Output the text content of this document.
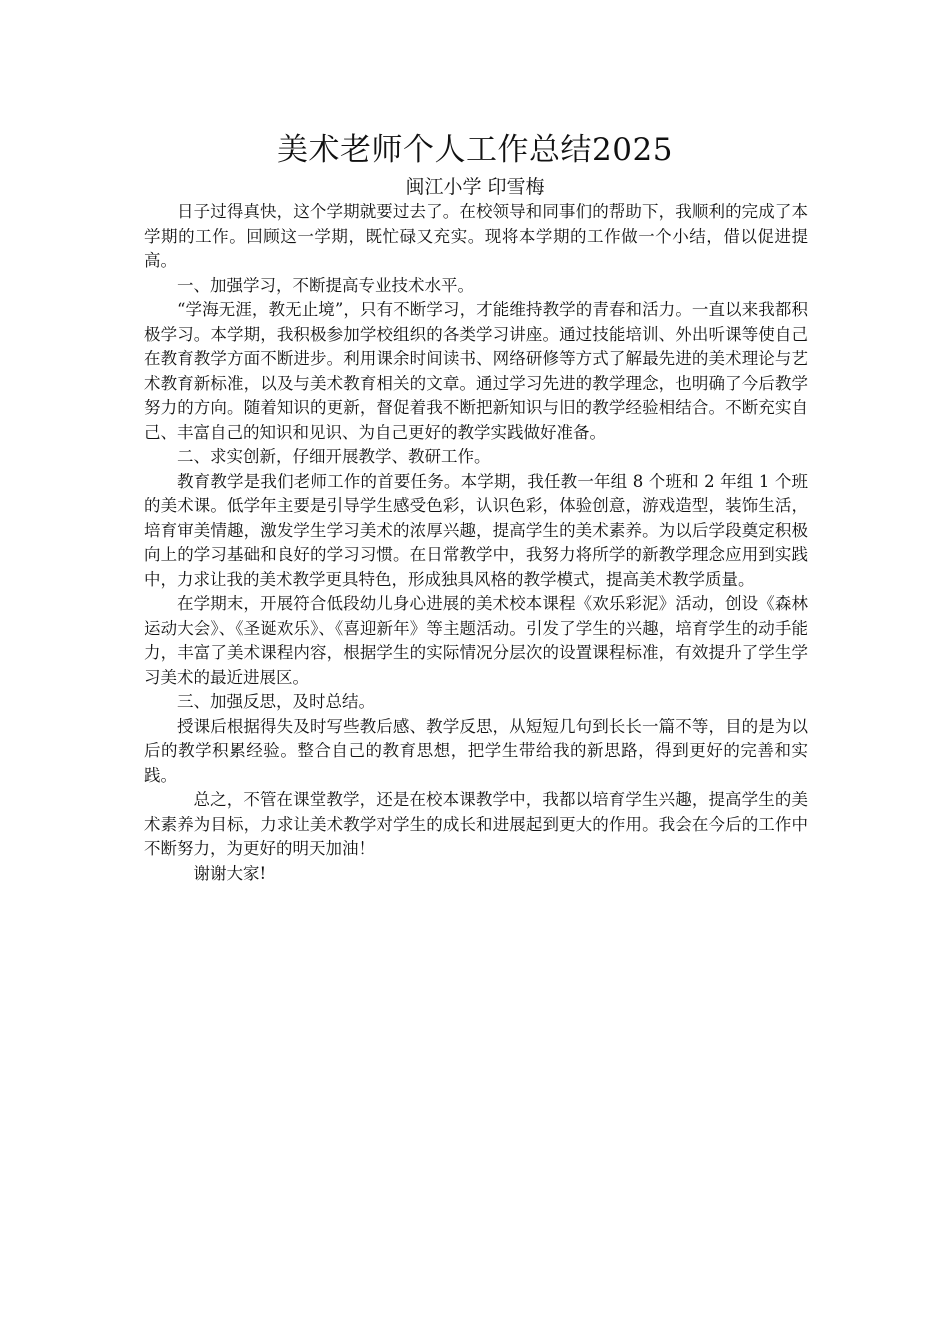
美术老师个人工作总结2025
闽江小学 印雪梅

日子过得真快，这个学期就要过去了。在校领导和同事们的帮助下，我顺利的完成了本学期的工作。回顾这一学期，既忙碌又充实。现将本学期的工作做一个小结，借以促进提高。

一、加强学习，不断提高专业技术水平。

“学海无涯，教无止境”，只有不断学习，才能维持教学的青春和活力。一直以来我都积极学习。本学期，我积极参加学校组织的各类学习讲座。通过技能培训、外出听课等使自己在教育教学方面不断进步。利用课余时间读书、网络研修等方式了解最先进的美术理论与艺术教育新标准，以及与美术教育相关的文章。通过学习先进的教学理念，也明确了今后教学努力的方向。随着知识的更新，督促着我不断把新知识与旧的教学经验相结合。不断充实自己、丰富自己的知识和见识、为自己更好的教学实践做好准备。

二、求实创新，仔细开展教学、教研工作。

教育教学是我们老师工作的首要任务。本学期，我任教一年组 8 个班和 2 年组 1 个班的美术课。低学年主要是引导学生感受色彩，认识色彩，体验创意，游戏造型，装饰生活，培育审美情趣，激发学生学习美术的浓厚兴趣，提高学生的美术素养。为以后学段奠定积极向上的学习基础和良好的学习习惯。在日常教学中，我努力将所学的新教学理念应用到实践中，力求让我的美术教学更具特色，形成独具风格的教学模式，提高美术教学质量。

在学期末，开展符合低段幼儿身心进展的美术校本课程《欢乐彩泥》活动，创设《森林运动大会》、《圣诞欢乐》、《喜迎新年》等主题活动。引发了学生的兴趣，培育学生的动手能力，丰富了美术课程内容，根据学生的实际情况分层次的设置课程标准，有效提升了学生学习美术的最近进展区。

三、加强反思，及时总结。

授课后根据得失及时写些教后感、教学反思，从短短几句到长长一篇不等，目的是为以后的教学积累经验。整合自己的教育思想，把学生带给我的新思路，得到更好的完善和实践。

总之，不管在课堂教学，还是在校本课教学中，我都以培育学生兴趣，提高学生的美术素养为目标，力求让美术教学对学生的成长和进展起到更大的作用。我会在今后的工作中不断努力，为更好的明天加油！

谢谢大家!
